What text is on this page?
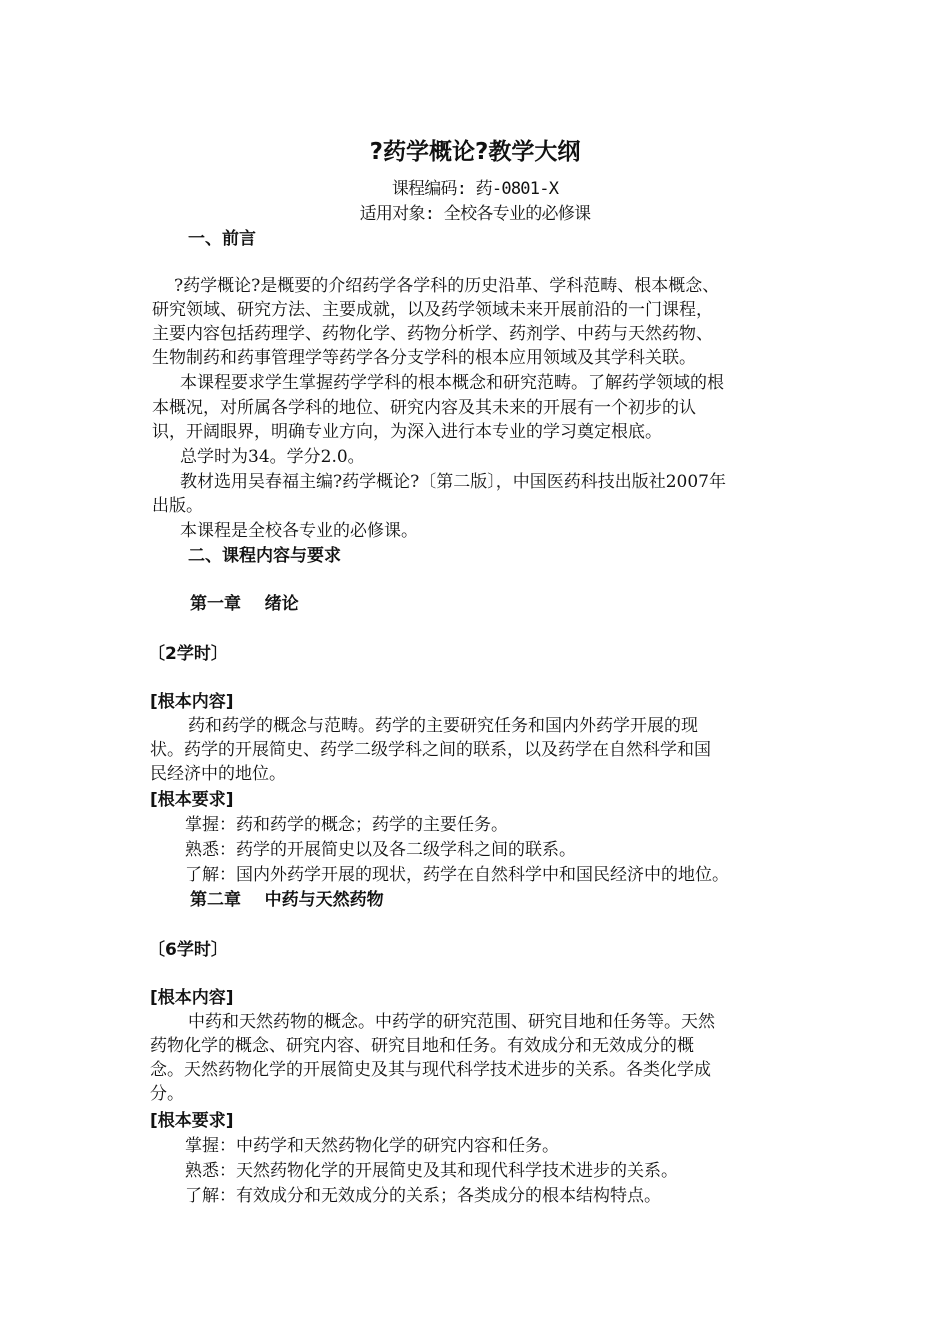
?药学概论?教学大纲
课程编码: 药-0801-X
适用对象: 全校各专业的必修课
一、前言
?药学概论?是概要的介绍药学各学科的历史沿革、学科范畴、根本概念、
研究领域、研究方法、主要成就，以及药学领域未来开展前沿的一门课程，
主要内容包括药理学、药物化学、药物分析学、药剂学、中药与天然药物、
生物制药和药事管理学等药学各分支学科的根本应用领域及其学科关联。
本课程要求学生掌握药学学科的根本概念和研究范畴。了解药学领域的根
本概况，对所属各学科的地位、研究内容及其未来的开展有一个初步的认
识，开阔眼界，明确专业方向，为深入进行本专业的学习奠定根底。
总学时为34。学分2.0。
教材选用吴春福主编?药学概论?〔第二版〕，中国医药科技出版社2007年
出版。
本课程是全校各专业的必修课。
二、课程内容与要求
第一章    绪论
〔2学时〕
[根本内容]
药和药学的概念与范畴。药学的主要研究任务和国内外药学开展的现
状。药学的开展简史、药学二级学科之间的联系，以及药学在自然科学和国
民经济中的地位。
[根本要求]
掌握：药和药学的概念；药学的主要任务。
熟悉：药学的开展简史以及各二级学科之间的联系。
了解：国内外药学开展的现状，药学在自然科学中和国民经济中的地位。
第二章    中药与天然药物
〔6学时〕
[根本内容]
中药和天然药物的概念。中药学的研究范围、研究目地和任务等。天然
药物化学的概念、研究内容、研究目地和任务。有效成分和无效成分的概
念。天然药物化学的开展简史及其与现代科学技术进步的关系。各类化学成
分。
[根本要求]
掌握：中药学和天然药物化学的研究内容和任务。
熟悉：天然药物化学的开展简史及其和现代科学技术进步的关系。
了解：有效成分和无效成分的关系；各类成分的根本结构特点。
